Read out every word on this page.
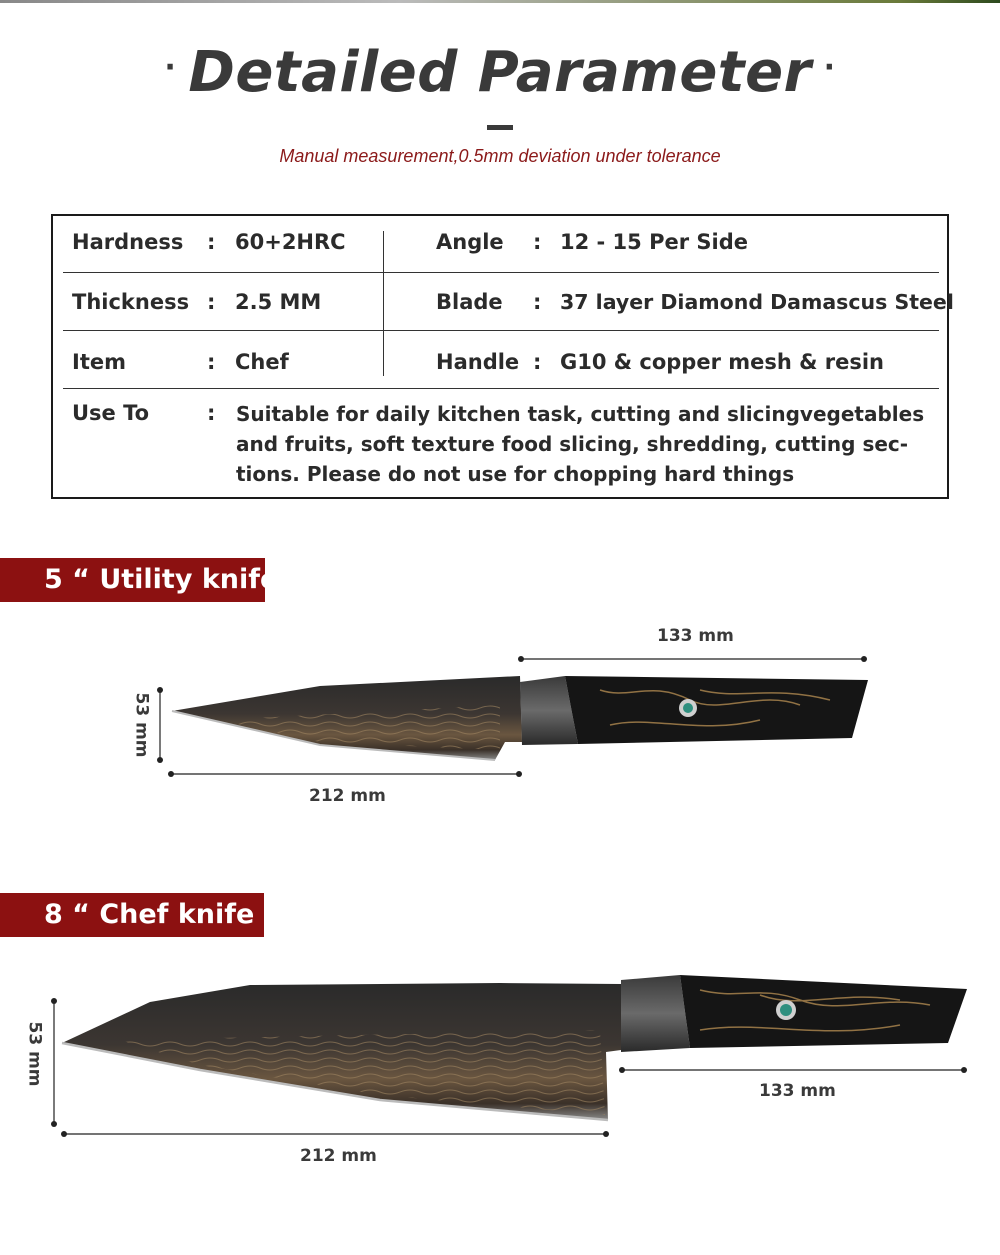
· Detailed Parameter ·
Manual measurement,0.5mm deviation under tolerance
Hardness : 60+2HRC	Angle : 12 - 15 Per Side
Thickness : 2.5 MM	Blade : 37 layer Diamond Damascus Steel
Item	: Chef	Handle : G10 & copper mesh & resin
Use To	: Suitable for daily kitchen task, cutting and slicingvegetables and fruits, soft texture food slicing, shredding, cutting sec- tions. Please do not use for chopping hard things
5 “ Utility knife
8 “ Chef knife
133 mm
212 mm
53 mm
133 mm
212 mm
53 mm
